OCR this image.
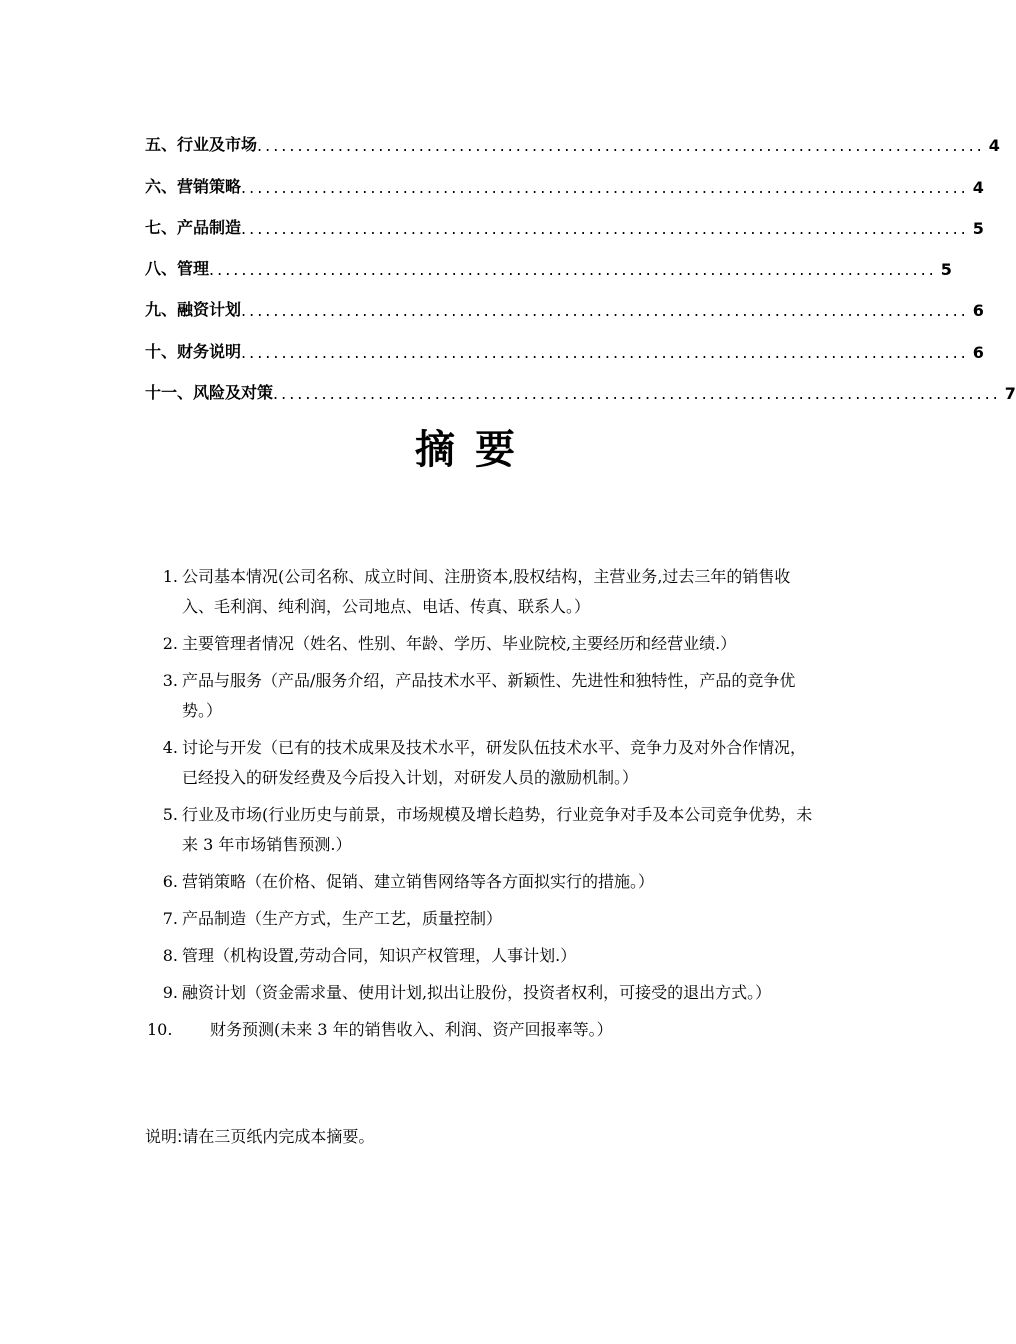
五、行业及市场 .......................................................................................... 4
六、营销策略 .......................................................................................... 4
七、产品制造 .......................................................................................... 5
八、管理 .......................................................................................... 5
九、融资计划 .......................................................................................... 6
十、财务说明 .......................................................................................... 6
十一、风险及对策 .......................................................................................... 7
摘要
1. 公司基本情况(公司名称、成立时间、注册资本,股权结构，主营业务,过去三年的销售收入、毛利润、纯利润，公司地点、电话、传真、联系人。）
2. 主要管理者情况（姓名、性别、年龄、学历、毕业院校,主要经历和经营业绩.）
3. 产品与服务（产品/服务介绍，产品技术水平、新颖性、先进性和独特性，产品的竞争优势。）
4. 讨论与开发（已有的技术成果及技术水平，研发队伍技术水平、竞争力及对外合作情况，已经投入的研发经费及今后投入计划，对研发人员的激励机制。）
5. 行业及市场(行业历史与前景，市场规模及增长趋势，行业竞争对手及本公司竞争优势，未来 3 年市场销售预测.）
6. 营销策略（在价格、促销、建立销售网络等各方面拟实行的措施。）
7. 产品制造（生产方式，生产工艺，质量控制）
8. 管理（机构设置,劳动合同，知识产权管理，人事计划.）
9. 融资计划（资金需求量、使用计划,拟出让股份，投资者权利，可接受的退出方式。）
10.	财务预测(未来 3 年的销售收入、利润、资产回报率等。）
说明:请在三页纸内完成本摘要。
